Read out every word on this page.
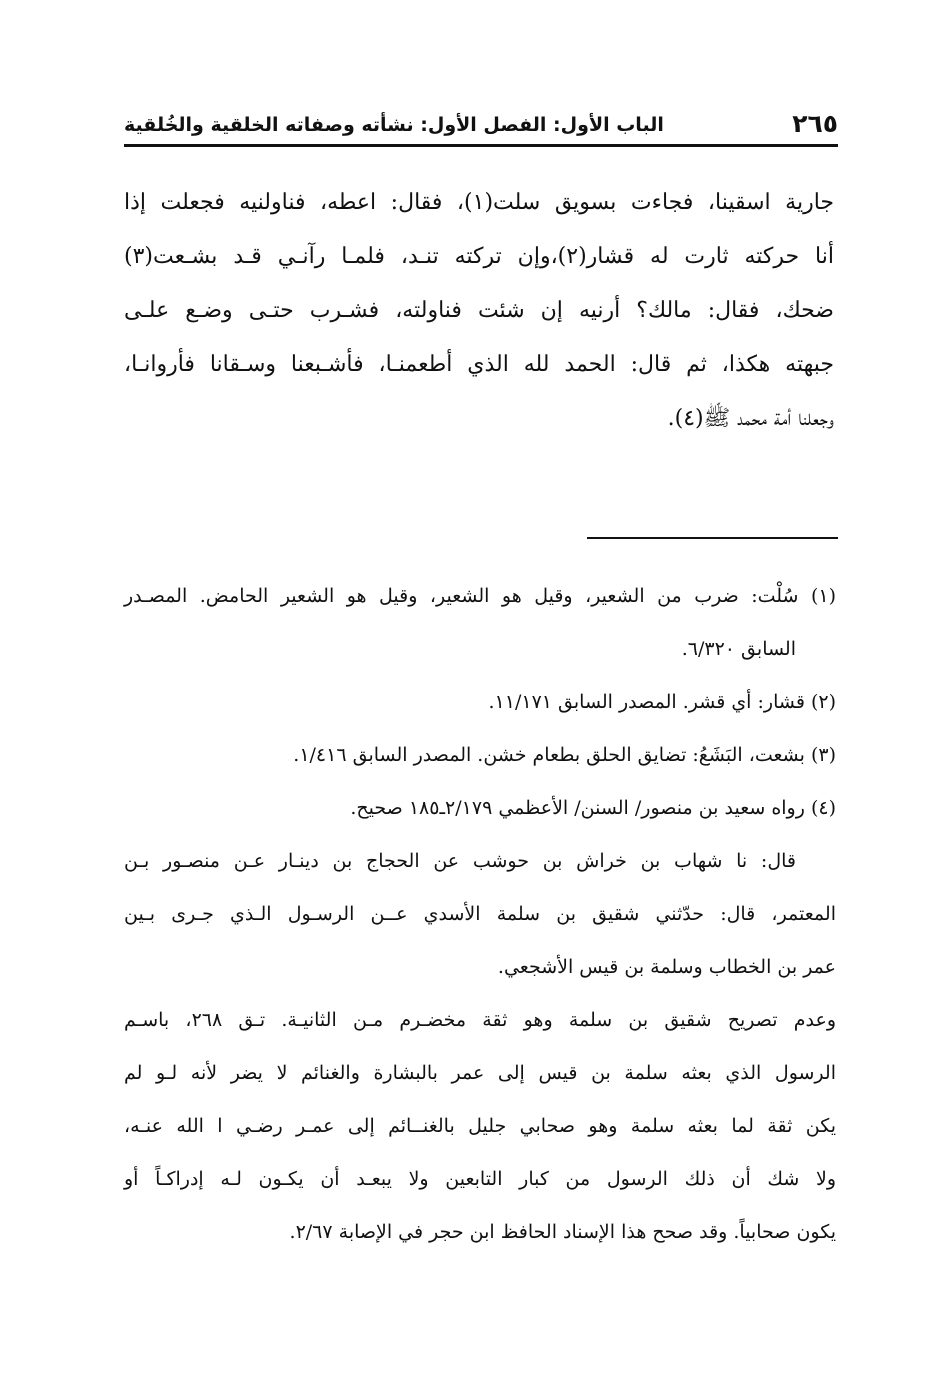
٢٦٥
الباب الأول: الفصل الأول: نشأته وصفاته الخلقية والخُلقية
جارية اسقينا، فجاءت بسويق سلت(١)، فقال: اعطه، فناولنيه فجعلت إذا
أنا حركته ثارت له قشار(٢)،وإن تركته تنـد، فلمـا رآنـي قـد بشـعت(٣)
ضحك، فقال: مالك؟ أرنيه إن شئت فناولته، فشـرب حتـى وضـع علـى
جبهته هكذا، ثم قال: الحمد لله الذي أطعمنـا، فأشـبعنا وسـقانا فأروانـا،
وجعلنا أمة محمد ﷺ(٤).
(١) سُلْت: ضرب من الشعير، وقيل هو الشعير، وقيل هو الشعير الحامض. المصـدر
السابق ٦/٣٢٠.
(٢) قشار: أي قشر. المصدر السابق ١١/١٧١.
(٣) بشعت، البَشَعُ: تضايق الحلق بطعام خشن. المصدر السابق ١/٤١٦.
(٤) رواه سعيد بن منصور/ السنن/ الأعظمي ٢/١٧٩ـ١٨٥ صحيح.
قال: نا شهاب بن خراش بن حوشب عن الحجاج بن دينـار عـن منصـور بـن
المعتمر، قال: حدّثني شقيق بن سلمة الأسدي عــن الرسـول الـذي جـرى بـين
عمر بن الخطاب وسلمة بن قيس الأشجعي.
وعدم تصريح شقيق بن سلمة وهو ثقة مخضـرم مـن الثانيـة. تـق ٢٦٨، باسـم
الرسول الذي بعثه سلمة بن قيس إلى عمر بالبشارة والغنائم لا يضر لأنه لـو لم
يكن ثقة لما بعثه سلمة وهو صحابي جليل بالغنــائم إلى عمـر رضـي ا الله عنـه،
ولا شك أن ذلك الرسول من كبار التابعين ولا يبعـد أن يكـون لـه إدراكـاً أو
يكون صحابياً. وقد صحح هذا الإسناد الحافظ ابن حجر في الإصابة ٢/٦٧.
